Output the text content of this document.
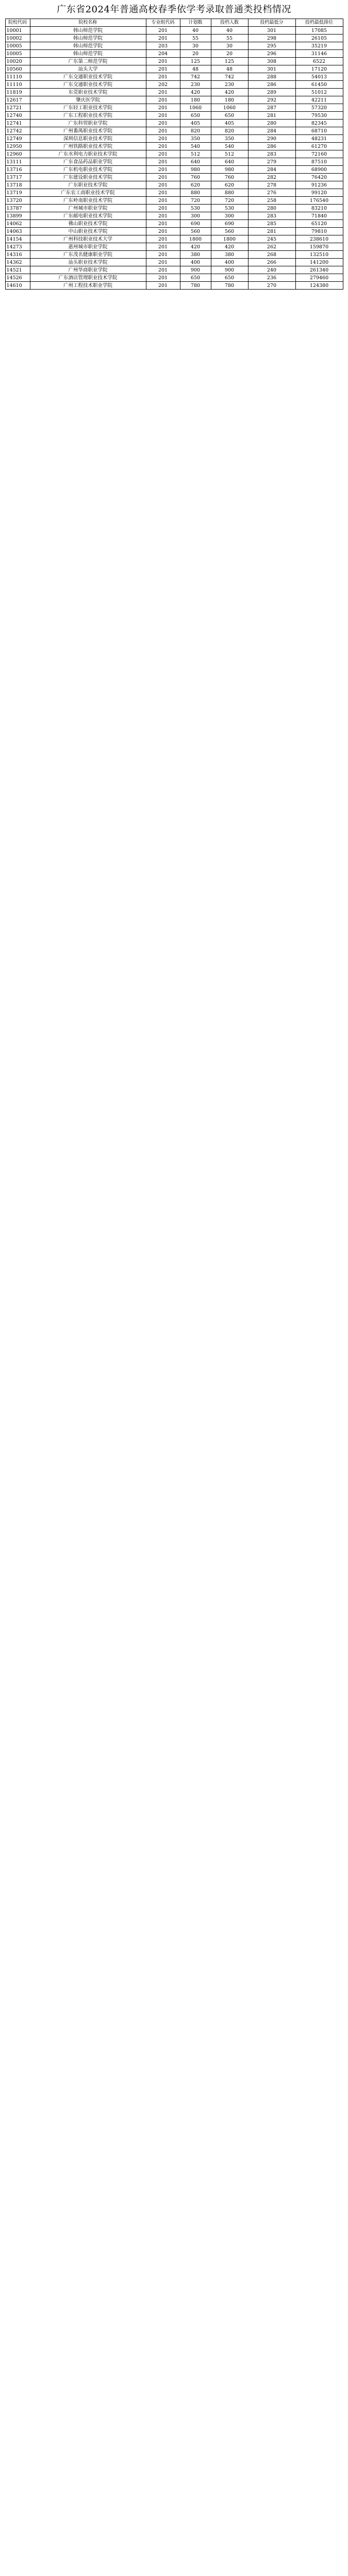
广东省2024年普通高校春季依学考录取普通类投档情况
院校代码	院校名称	专业组代码	计划数	投档人数	投档最低分	投档最低排位
10001	韩山师范学院	201	40	40	301	17085
10002	韩山师范学院	201	55	55	298	26105
10005	韩山师范学院	203	30	30	295	35219
10005	韩山师范学院	204	20	20	296	31146
10020	广东第二师范学院	201	125	125	308	6522
10560	汕头大学	201	48	48	301	17120
11110	广东交通职业技术学院	201	742	742	288	54013
11110	广东交通职业技术学院	202	230	230	286	61450
11819	东莞职业技术学院	201	420	420	289	51012
12617	肇庆医学院	201	180	180	292	42211
12721	广东轻工职业技术学院	201	1060	1060	287	57320
12740	广东工程职业技术学院	201	650	650	281	79530
12741	广东科贸职业学院	201	405	405	280	82345
12742	广州番禺职业技术学院	201	820	820	284	68710
12749	深圳信息职业技术学院	201	350	350	290	48231
12950	广州铁路职业技术学院	201	540	540	286	61270
12960	广东水利电力职业技术学院	201	512	512	283	72160
13111	广东食品药品职业学院	201	640	640	279	87510
13716	广东机电职业技术学院	201	980	980	284	68900
13717	广东建设职业技术学院	201	760	760	282	76420
13718	广东职业技术学院	201	620	620	278	91236
13719	广东农工商职业技术学院	201	880	880	276	99120
13720	广东岭南职业技术学院	201	720	720	258	176540
13787	广州城市职业学院	201	530	530	280	83210
13899	广东邮电职业技术学院	201	300	300	283	71840
14062	佛山职业技术学院	201	690	690	285	65120
14063	中山职业技术学院	201	560	560	281	79810
14154	广州科技职业技术大学	201	1800	1800	245	238610
14273	惠州城市职业学院	201	420	420	262	159870
14316	广东茂名健康职业学院	201	380	380	268	132510
14362	汕头职业技术学院	201	400	400	266	141200
14521	广州华商职业学院	201	900	900	240	261340
14526	广东酒店管理职业技术学院	201	650	650	236	279460
14610	广州工程技术职业学院	201	780	780	270	124380
